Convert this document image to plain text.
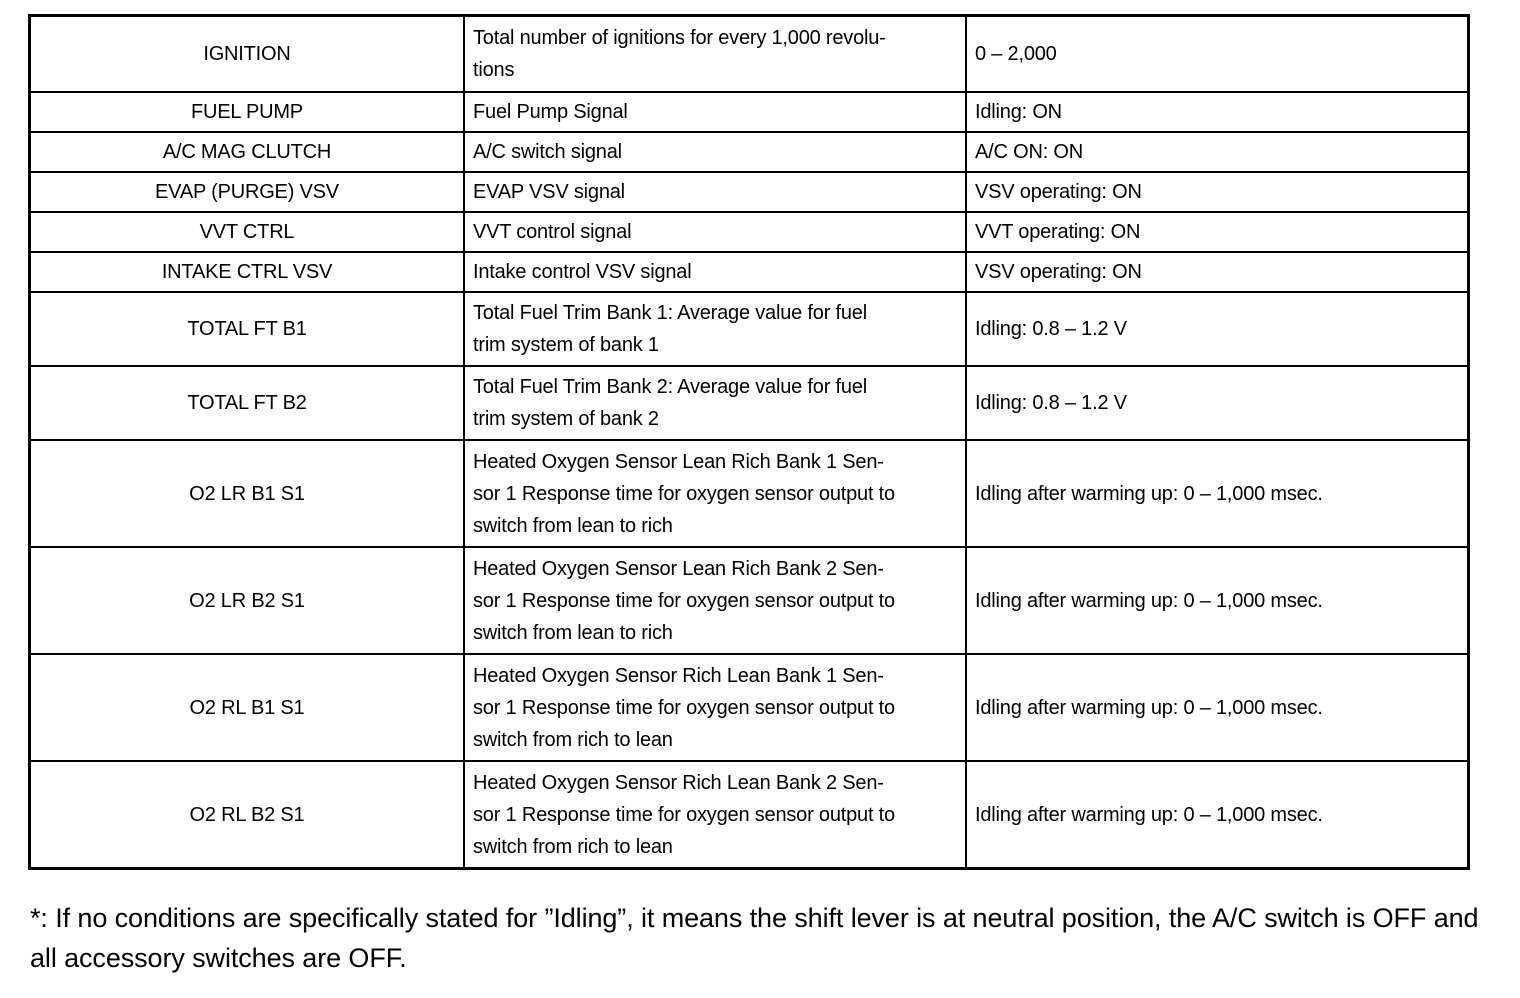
IGNITION	Total number of ignitions for every 1,000 revolu-
tions	0 – 2,000
FUEL PUMP	Fuel Pump Signal	Idling: ON
A/C MAG CLUTCH	A/C switch signal	A/C ON: ON
EVAP (PURGE) VSV	EVAP VSV signal	VSV operating: ON
VVT CTRL	VVT control signal	VVT operating: ON
INTAKE CTRL VSV	Intake control VSV signal	VSV operating: ON
TOTAL FT B1	Total Fuel Trim Bank 1: Average value for fuel
trim system of bank 1	Idling: 0.8 – 1.2 V
TOTAL FT B2	Total Fuel Trim Bank 2: Average value for fuel
trim system of bank 2	Idling: 0.8 – 1.2 V
O2 LR B1 S1	Heated Oxygen Sensor Lean Rich Bank 1 Sen-
sor 1 Response time for oxygen sensor output to
switch from lean to rich	Idling after warming up: 0 – 1,000 msec.
O2 LR B2 S1	Heated Oxygen Sensor Lean Rich Bank 2 Sen-
sor 1 Response time for oxygen sensor output to
switch from lean to rich	Idling after warming up: 0 – 1,000 msec.
O2 RL B1 S1	Heated Oxygen Sensor Rich Lean Bank 1 Sen-
sor 1 Response time for oxygen sensor output to
switch from rich to lean	Idling after warming up: 0 – 1,000 msec.
O2 RL B2 S1	Heated Oxygen Sensor Rich Lean Bank 2 Sen-
sor 1 Response time for oxygen sensor output to
switch from rich to lean	Idling after warming up: 0 – 1,000 msec.
*: If no conditions are specifically stated for ”Idling”, it means the shift lever is at neutral position, the A/C switch is OFF and all accessory switches are OFF.
